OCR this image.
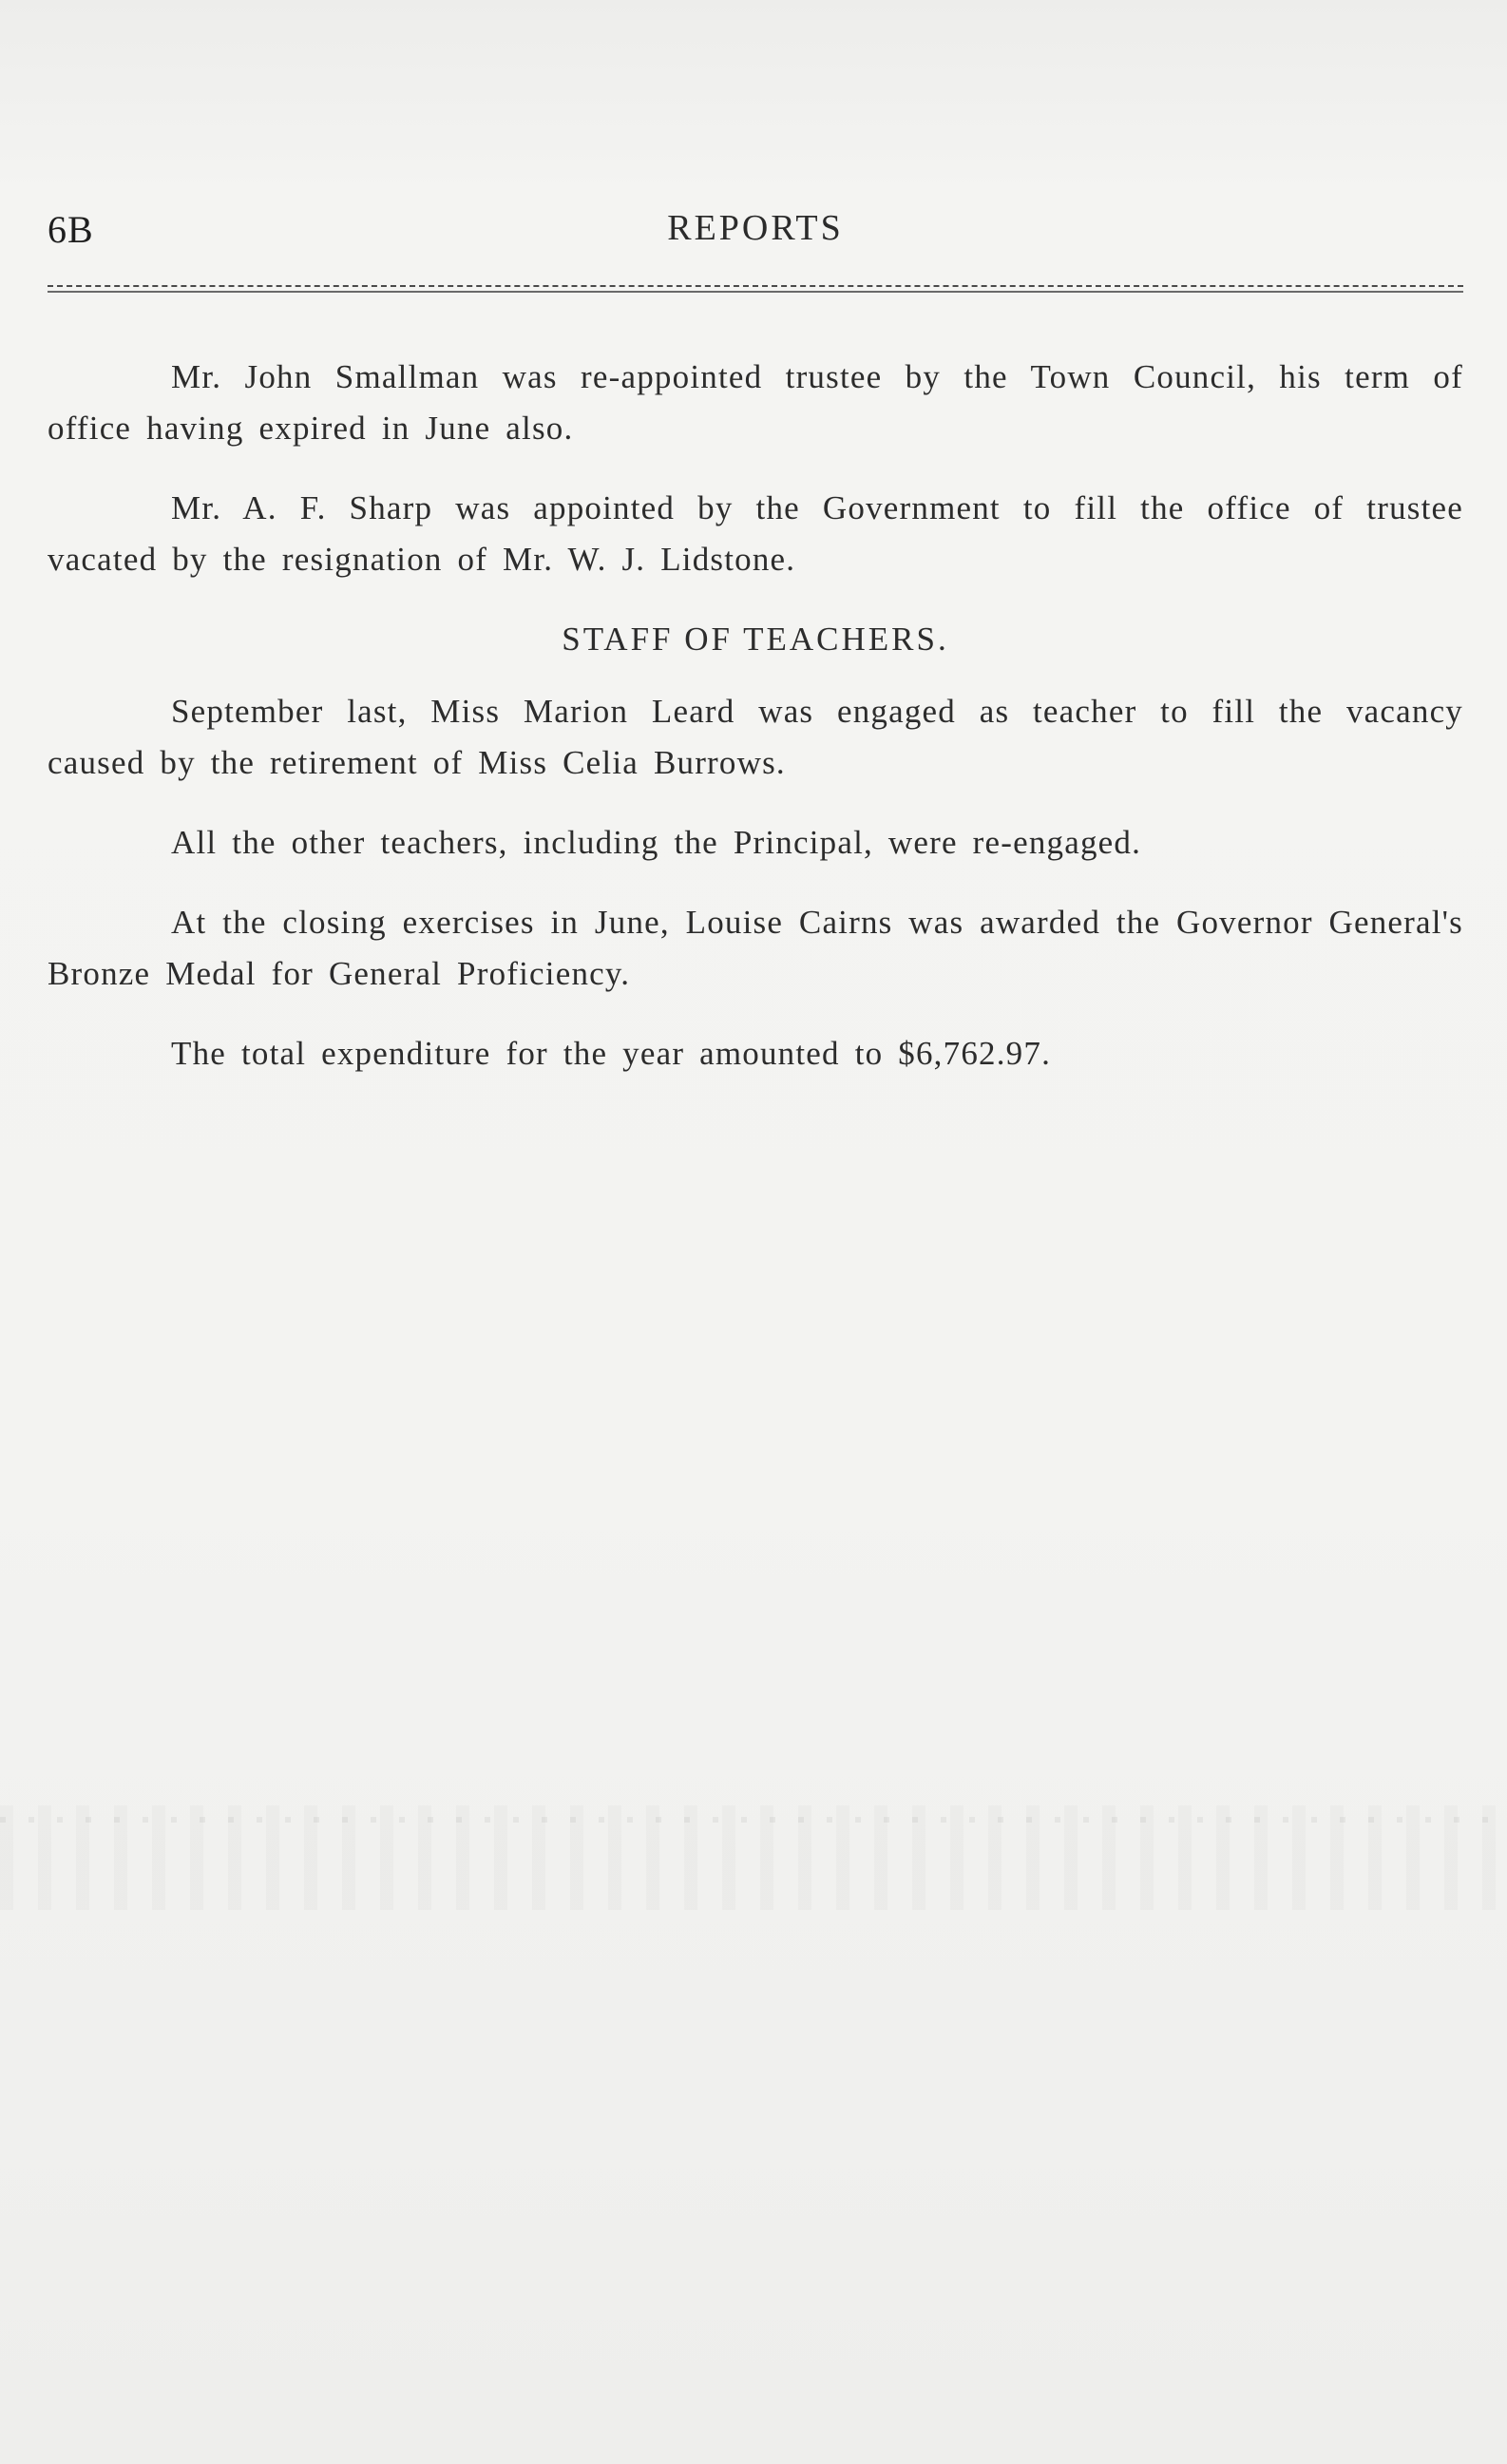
6B	REPORTS

Mr. John Smallman was re-appointed trustee by the Town Council, his term of office having expired in June also.

Mr. A. F. Sharp was appointed by the Government to fill the office of trustee vacated by the resignation of Mr. W. J. Lidstone.

STAFF OF TEACHERS.

September last, Miss Marion Leard was engaged as teacher to fill the vacancy caused by the retirement of Miss Celia Burrows.

All the other teachers, including the Principal, were re-engaged.

At the closing exercises in June, Louise Cairns was awarded the Governor General's Bronze Medal for General Proficiency.

The total expenditure for the year amounted to $6,762.97.
